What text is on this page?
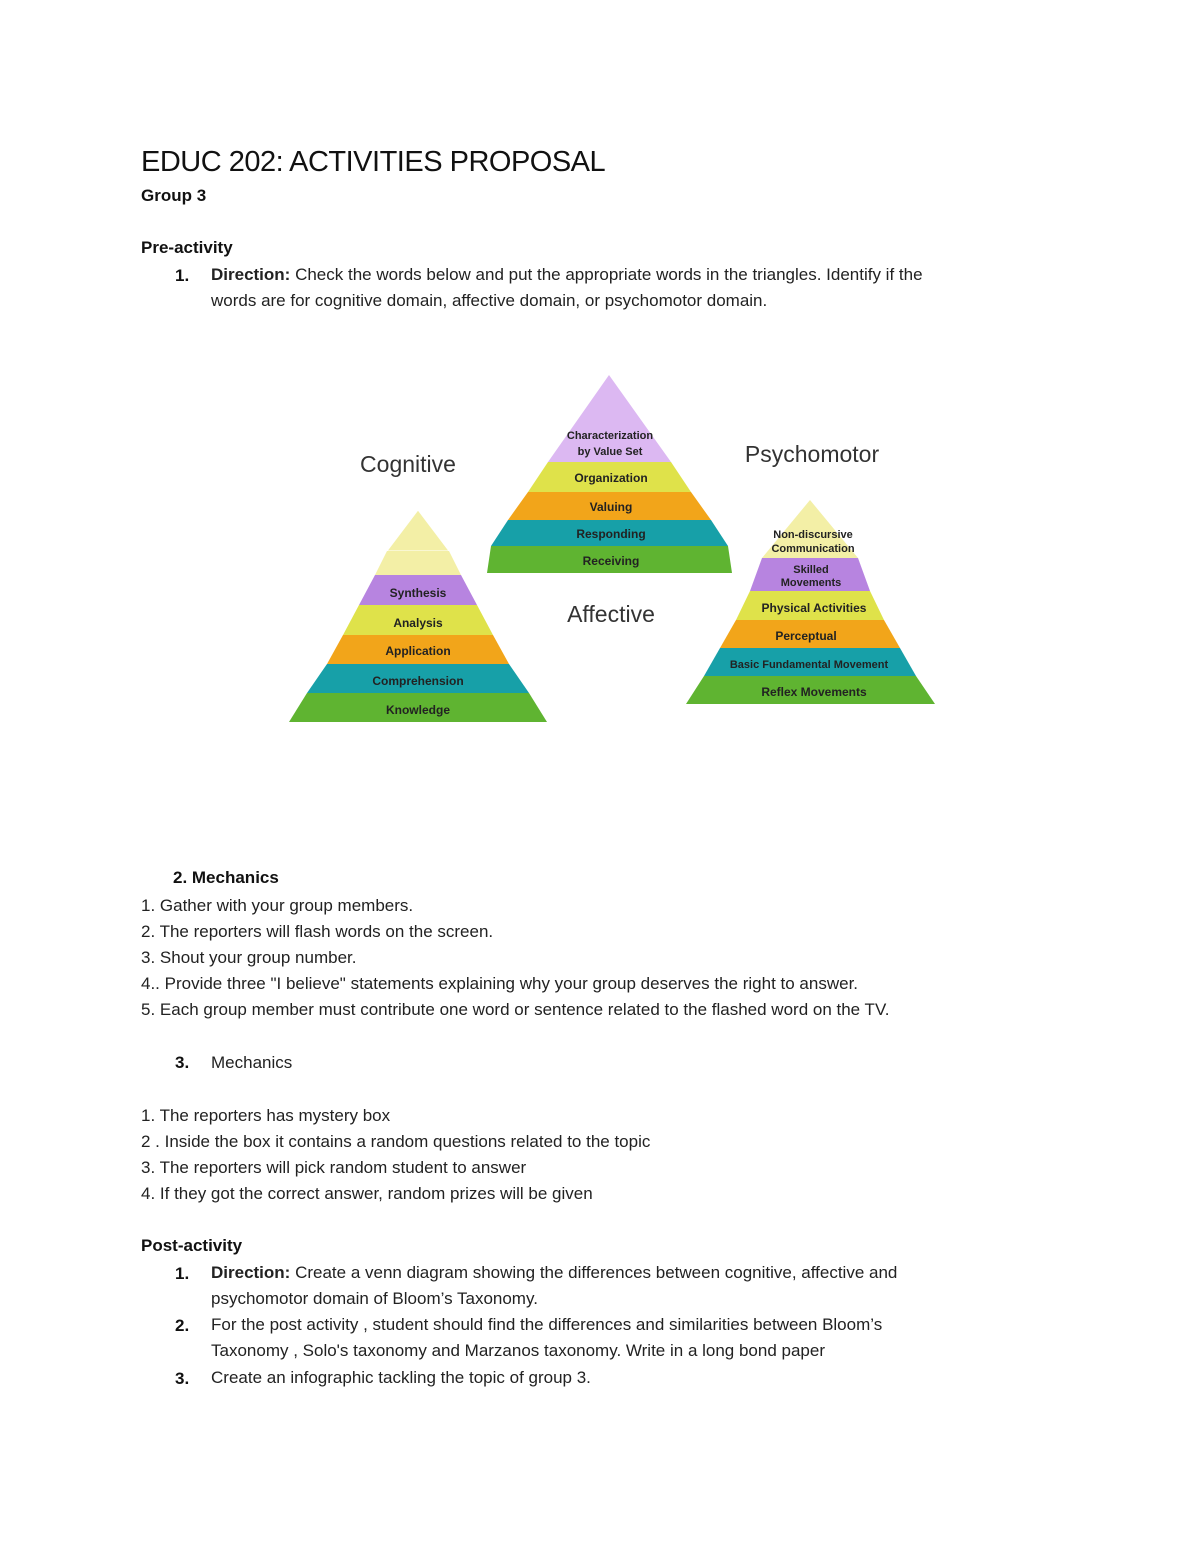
EDUC 202: ACTIVITIES PROPOSAL
Group 3
Pre-activity
1. Direction: Check the words below and put the appropriate words in the triangles. Identify if the
words are for cognitive domain, affective domain, or psychomotor domain.
Cognitive
Synthesis
Analysis
Application
Comprehension
Knowledge
Characterization
by Value Set
Organization
Valuing
Responding
Receiving
Affective
Psychomotor
Non-discursive
Communication
Skilled
Movements
Physical Activities
Perceptual
Basic Fundamental Movement
Reflex Movements
2. Mechanics
1. Gather with your group members.
2. The reporters will flash words on the screen.
3. Shout your group number.
4.. Provide three "I believe" statements explaining why your group deserves the right to answer.
5. Each group member must contribute one word or sentence related to the flashed word on the TV.
3. Mechanics
1. The reporters has mystery box
2 . Inside the box it contains a random questions related to the topic
3. The reporters will pick random student to answer
4. If they got the correct answer, random prizes will be given
Post-activity
1. Direction: Create a venn diagram showing the differences between cognitive, affective and
psychomotor domain of Bloom’s Taxonomy.
2. For the post activity , student should find the differences and similarities between Bloom’s
Taxonomy , Solo's taxonomy and Marzanos taxonomy. Write in a long bond paper
3. Create an infographic tackling the topic of group 3.
